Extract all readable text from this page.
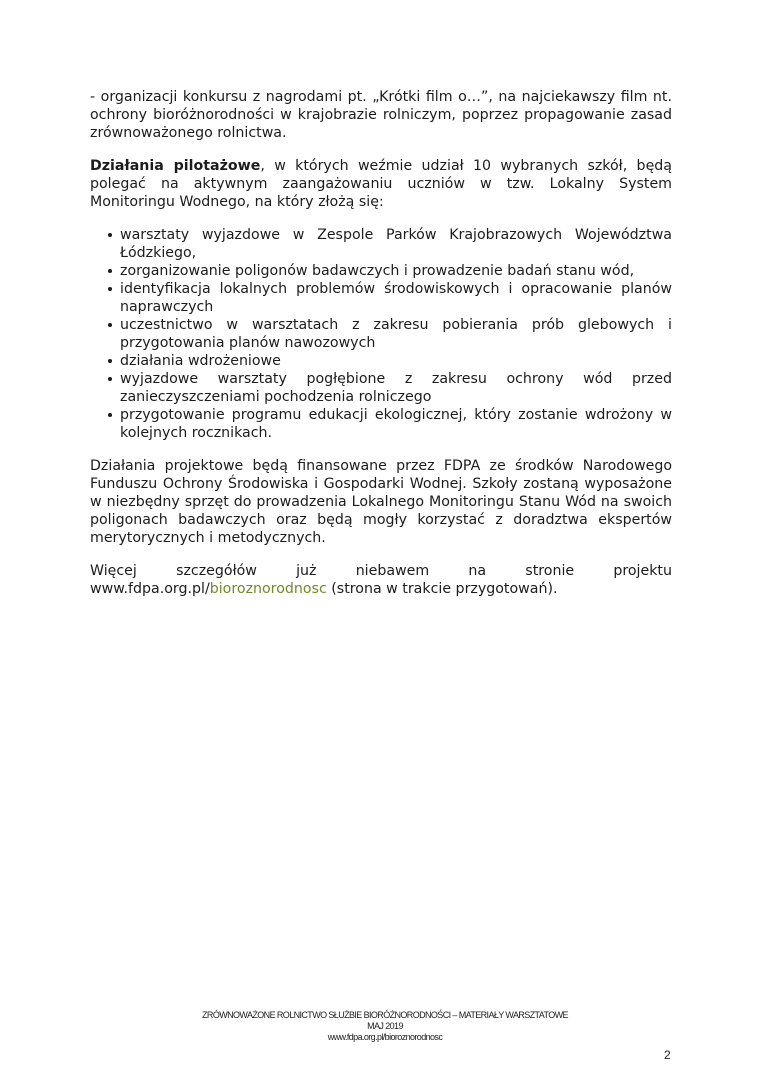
- organizacji konkursu z nagrodami pt. „Krótki film o…”, na najciekawszy film nt. ochrony bioróżnorodności w krajobrazie rolniczym, poprzez propagowanie zasad zrównoważonego rolnictwa.

Działania pilotażowe, w których weźmie udział 10 wybranych szkół, będą polegać na aktywnym zaangażowaniu uczniów w tzw. Lokalny System Monitoringu Wodnego, na który złożą się:

warsztaty wyjazdowe w Zespole Parków Krajobrazowych Województwa Łódzkiego,
zorganizowanie poligonów badawczych i prowadzenie badań stanu wód,
identyfikacja lokalnych problemów środowiskowych i opracowanie planów naprawczych
uczestnictwo w warsztatach z zakresu pobierania prób glebowych i przygotowania planów nawozowych
działania wdrożeniowe
wyjazdowe warsztaty pogłębione z zakresu ochrony wód przed zanieczyszczeniami pochodzenia rolniczego
przygotowanie programu edukacji ekologicznej, który zostanie wdrożony w kolejnych rocznikach.

Działania projektowe będą finansowane przez FDPA ze środków Narodowego Funduszu Ochrony Środowiska i Gospodarki Wodnej. Szkoły zostaną wyposażone w niezbędny sprzęt do prowadzenia Lokalnego Monitoringu Stanu Wód na swoich poligonach badawczych oraz będą mogły korzystać z doradztwa ekspertów merytorycznych i metodycznych.

Więcej	szczegółów	już	niebawem	na	stronie	projektu
www.fdpa.org.pl/bioroznorodnosc (strona w trakcie przygotowań).
ZRÓWNOWAŻONE ROLNICTWO SŁUŻBIE BIORÓŻNORODNOŚCI – MATERIAŁY WARSZTATOWE
MAJ 2019
www.fdpa.org.pl/bioroznorodnosc
2
